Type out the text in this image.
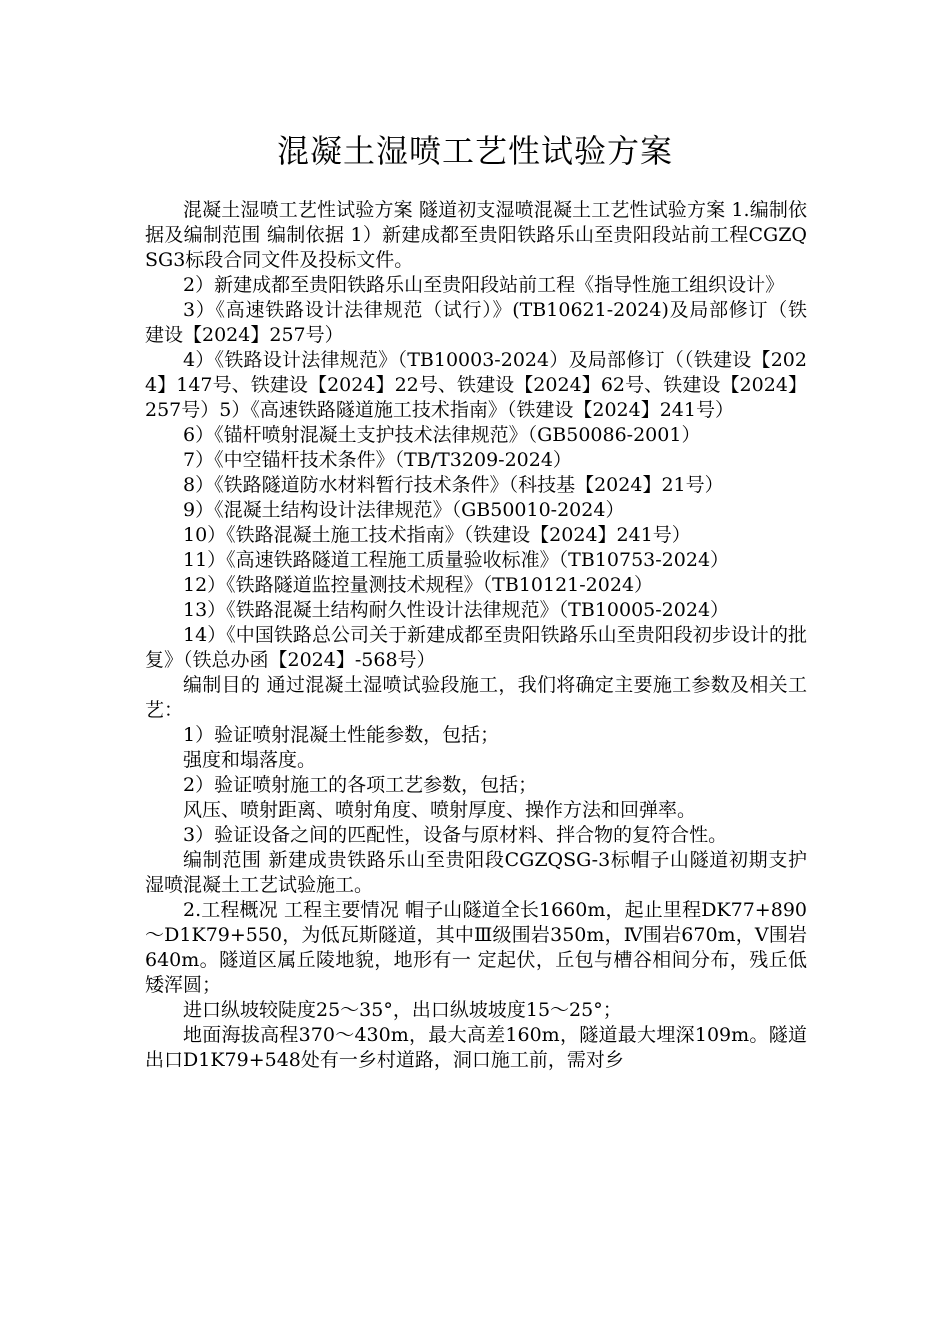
混凝土湿喷工艺性试验方案

混凝土湿喷工艺性试验方案 隧道初支湿喷混凝土工艺性试验方案 1.编制依据及编制范围 编制依据 1）新建成都至贵阳铁路乐山至贵阳段站前工程CGZQSG3标段合同文件及投标文件。

2）新建成都至贵阳铁路乐山至贵阳段站前工程《指导性施工组织设计》

3）《高速铁路设计法律规范（试行）》(TB10621-2024)及局部修订（铁建设【2024】257号）

4）《铁路设计法律规范》（TB10003-2024）及局部修订（（铁建设【2024】147号、铁建设【2024】22号、铁建设【2024】62号、铁建设【2024】257号）5）《高速铁路隧道施工技术指南》（铁建设【2024】241号）

6）《锚杆喷射混凝土支护技术法律规范》（GB50086-2001）

7）《中空锚杆技术条件》（TB/T3209-2024）

8）《铁路隧道防水材料暂行技术条件》（科技基【2024】21号）

9）《混凝土结构设计法律规范》（GB50010-2024）

10）《铁路混凝土施工技术指南》（铁建设【2024】241号）

11）《高速铁路隧道工程施工质量验收标准》（TB10753-2024）

12）《铁路隧道监控量测技术规程》（TB10121-2024）

13）《铁路混凝土结构耐久性设计法律规范》（TB10005-2024）

14）《中国铁路总公司关于新建成都至贵阳铁路乐山至贵阳段初步设计的批复》（铁总办函【2024】-568号）

编制目的 通过混凝土湿喷试验段施工，我们将确定主要施工参数及相关工艺：

1）验证喷射混凝土性能参数，包括；

强度和塌落度。

2）验证喷射施工的各项工艺参数，包括；

风压、喷射距离、喷射角度、喷射厚度、操作方法和回弹率。

3）验证设备之间的匹配性，设备与原材料、拌合物的复符合性。

编制范围 新建成贵铁路乐山至贵阳段CGZQSG-3标帽子山隧道初期支护湿喷混凝土工艺试验施工。

2.工程概况 工程主要情况 帽子山隧道全长1660m，起止里程DK77+890～D1K79+550，为低瓦斯隧道，其中Ⅲ级围岩350m，Ⅳ围岩670m，Ⅴ围岩640m。隧道区属丘陵地貌，地形有一 定起伏，丘包与槽谷相间分布，残丘低矮浑圆；

进口纵坡较陡度25～35°，出口纵坡坡度15～25°；

地面海拔高程370～430m，最大高差160m，隧道最大埋深109m。隧道出口D1K79+548处有一乡村道路，洞口施工前，需对乡
